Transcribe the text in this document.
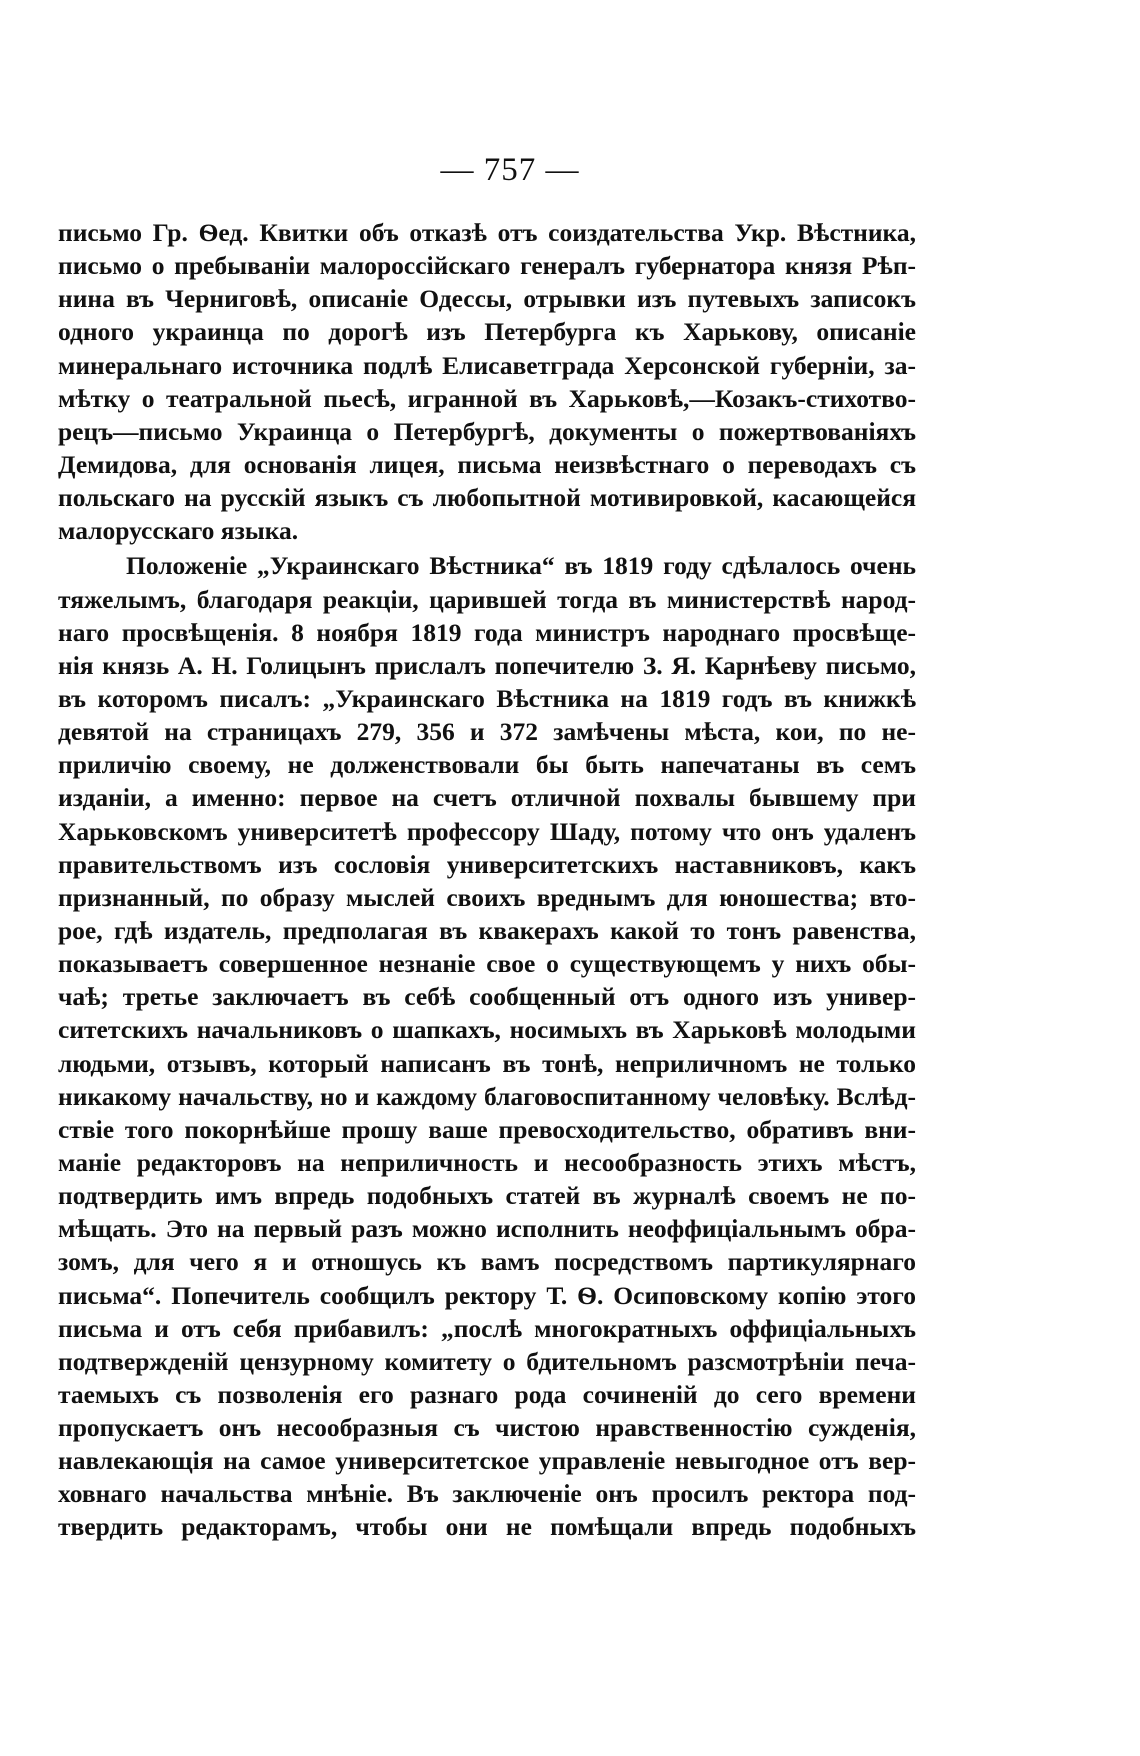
— 757 —
письмо Гр. Ѳед. Квитки объ отказѣ отъ соиздательства Укр. Вѣстника,
письмо о пребываніи малороссійскаго генералъ губернатора князя Рѣп-
нина въ Черниговѣ, описаніе Одессы, отрывки изъ путевыхъ записокъ
одного украинца по дорогѣ изъ Петербурга къ Харькову, описаніе
минеральнаго источника подлѣ Елисаветграда Херсонской губерніи, за-
мѣтку о театральной пьесѣ, игранной въ Харьковѣ,—Козакъ-стихотво-
рецъ—письмо Украинца о Петербургѣ, документы о пожертвованіяхъ
Демидова, для основанія лицея, письма неизвѣстнаго о переводахъ съ
польскаго на русскій языкъ съ любопытной мотивировкой, касающейся
малорусскаго языка.
Положеніе „Украинскаго Вѣстника“ въ 1819 году сдѣлалось очень
тяжелымъ, благодаря реакціи, царившей тогда въ министерствѣ народ-
наго просвѣщенія. 8 ноября 1819 года министръ народнаго просвѣще-
нія князь А. Н. Голицынъ прислалъ попечителю З. Я. Карнѣеву письмо,
въ которомъ писалъ: „Украинскаго Вѣстника на 1819 годъ въ книжкѣ
девятой на страницахъ 279, 356 и 372 замѣчены мѣста, кои, по не-
приличію своему, не долженствовали бы быть напечатаны въ семъ
изданіи, а именно: первое на счетъ отличной похвалы бывшему при
Харьковскомъ университетѣ профессору Шаду, потому что онъ удаленъ
правительствомъ изъ сословія университетскихъ наставниковъ, какъ
признанный, по образу мыслей своихъ вреднымъ для юношества; вто-
рое, гдѣ издатель, предполагая въ квакерахъ какой то тонъ равенства,
показываетъ совершенное незнаніе свое о существующемъ у нихъ обы-
чаѣ; третье заключаетъ въ себѣ сообщенный отъ одного изъ универ-
ситетскихъ начальниковъ о шапкахъ, носимыхъ въ Харьковѣ молодыми
людьми, отзывъ, который написанъ въ тонѣ, неприличномъ не только
никакому начальству, но и каждому благовоспитанному человѣку. Вслѣд-
ствіе того покорнѣйше прошу ваше превосходительство, обративъ вни-
маніе редакторовъ на неприличность и несообразность этихъ мѣстъ,
подтвердить имъ впредь подобныхъ статей въ журналѣ своемъ не по-
мѣщать. Это на первый разъ можно исполнить неоффиціальнымъ обра-
зомъ, для чего я и отношусь къ вамъ посредствомъ партикулярнаго
письма“. Попечитель сообщилъ ректору Т. Ѳ. Осиповскому копію этого
письма и отъ себя прибавилъ: „послѣ многократныхъ оффиціальныхъ
подтвержденій цензурному комитету о бдительномъ разсмотрѣніи печа-
таемыхъ съ позволенія его разнаго рода сочиненій до сего времени
пропускаетъ онъ несообразныя съ чистою нравственностію сужденія,
навлекающія на самое университетское управленіе невыгодное отъ вер-
ховнаго начальства мнѣніе. Въ заключеніе онъ просилъ ректора под-
твердить редакторамъ, чтобы они не помѣщали впредь подобныхъ
